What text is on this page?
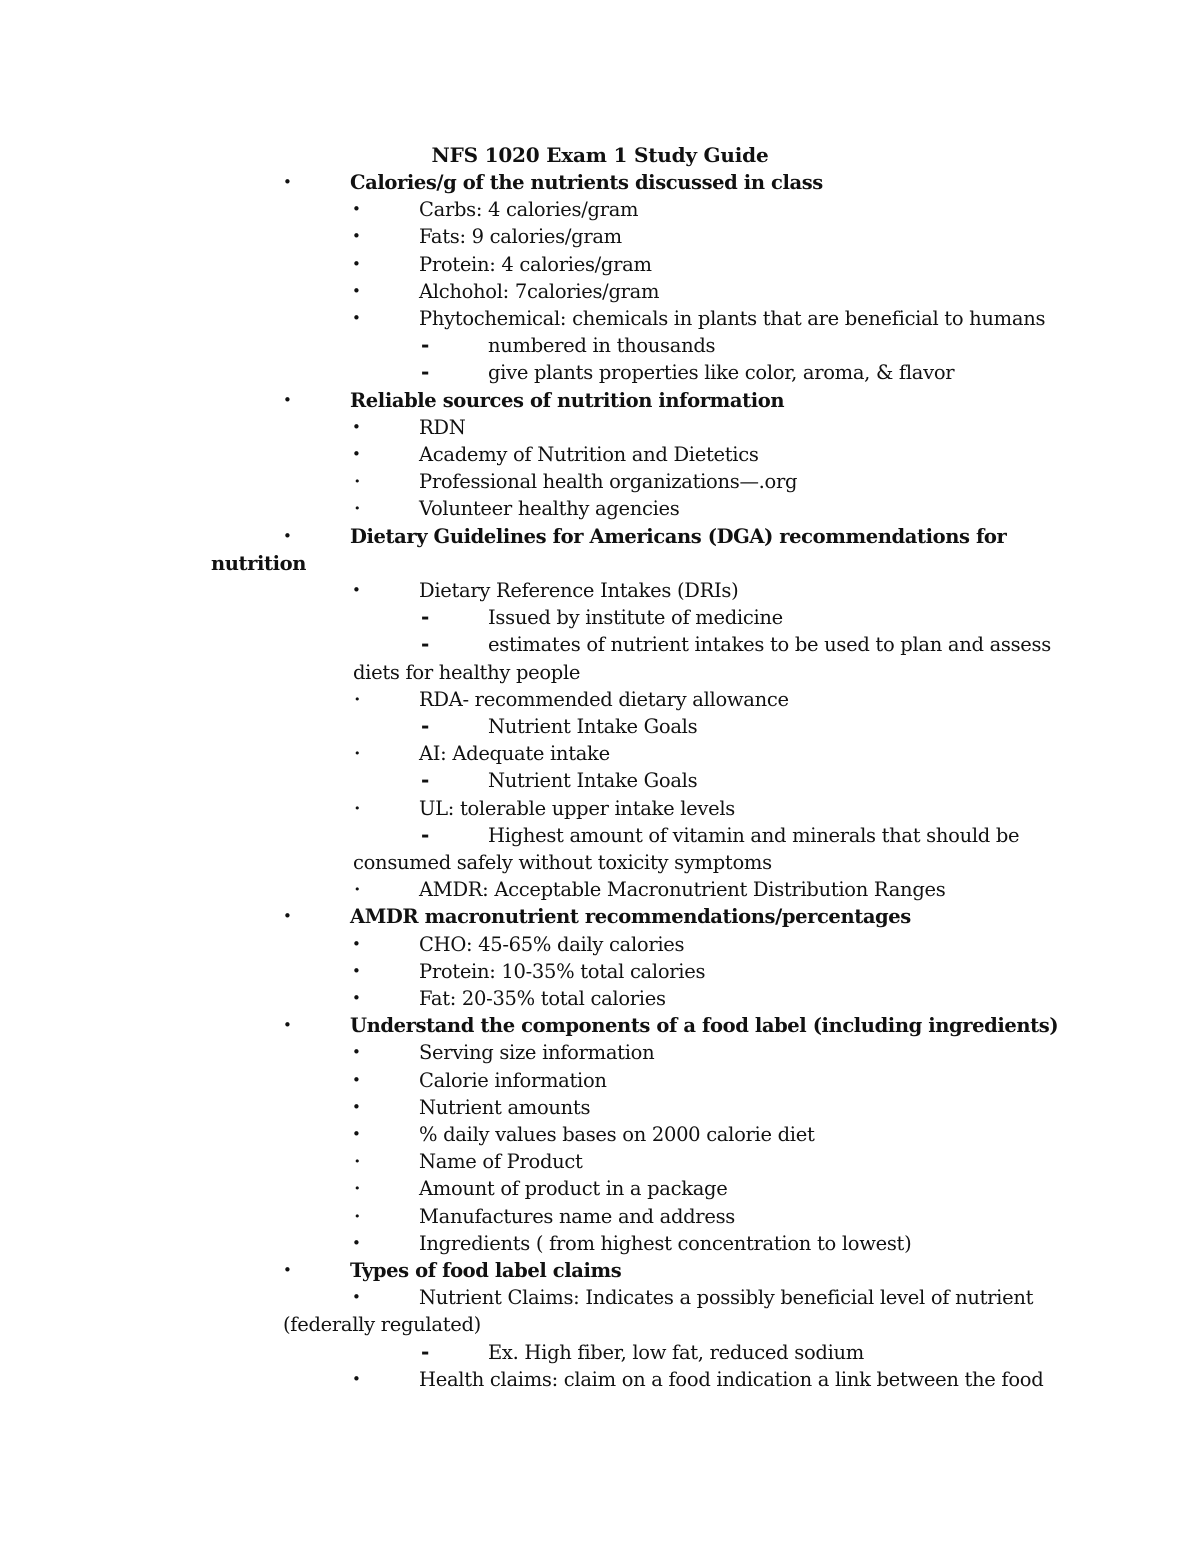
NFS 1020 Exam 1 Study Guide
•	Calories/g of the nutrients discussed in class
•	Carbs: 4 calories/gram
•	Fats: 9 calories/gram
•	Protein: 4 calories/gram
•	Alchohol: 7calories/gram
•	Phytochemical: chemicals in plants that are beneficial to humans
-	numbered in thousands
-	give plants properties like color, aroma, & flavor
•	Reliable sources of nutrition information
•	RDN
•	Academy of Nutrition and Dietetics
•	Professional health organizations—.org
•	Volunteer healthy agencies
•	Dietary Guidelines for Americans (DGA) recommendations for
nutrition
•	Dietary Reference Intakes (DRIs)
-	Issued by institute of medicine
-	estimates of nutrient intakes to be used to plan and assess
diets for healthy people
•	RDA- recommended dietary allowance
-	Nutrient Intake Goals
•	AI: Adequate intake
-	Nutrient Intake Goals
•	UL: tolerable upper intake levels
-	Highest amount of vitamin and minerals that should be
consumed safely without toxicity symptoms
•	AMDR: Acceptable Macronutrient Distribution Ranges
•	AMDR macronutrient recommendations/percentages
•	CHO: 45-65% daily calories
•	Protein: 10-35% total calories
•	Fat: 20-35% total calories
•	Understand the components of a food label (including ingredients)
•	Serving size information
•	Calorie information
•	Nutrient amounts
•	% daily values bases on 2000 calorie diet
•	Name of Product
•	Amount of product in a package
•	Manufactures name and address
•	Ingredients ( from highest concentration to lowest)
•	Types of food label claims
•	Nutrient Claims: Indicates a possibly beneficial level of nutrient
(federally regulated)
-	Ex. High fiber, low fat, reduced sodium
•	Health claims: claim on a food indication a link between the food
